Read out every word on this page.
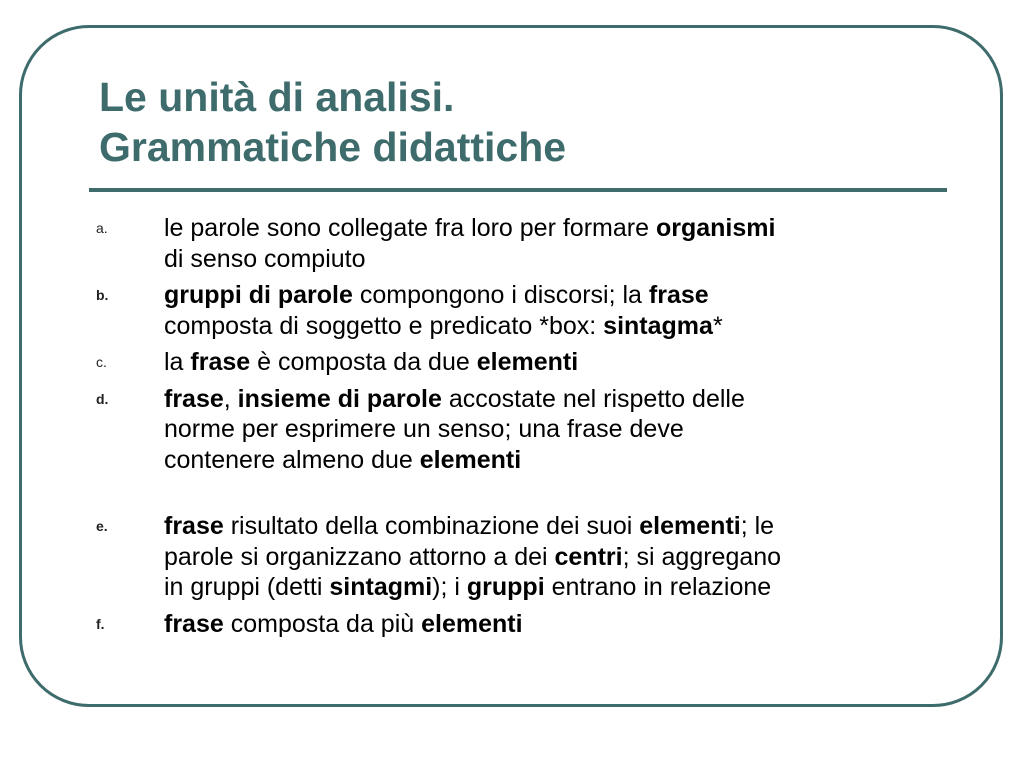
Le unità di analisi.
Grammatiche didattiche
a. le parole sono collegate fra loro per formare organismi
di senso compiuto
b. gruppi di parole compongono i discorsi; la frase
composta di soggetto e predicato *box: sintagma*
c. la frase è composta da due elementi
d. frase, insieme di parole accostate nel rispetto delle
norme per esprimere un senso; una frase deve
contenere almeno due elementi
e. frase risultato della combinazione dei suoi elementi; le
parole si organizzano attorno a dei centri; si aggregano
in gruppi (detti sintagmi); i gruppi entrano in relazione
f. frase composta da più elementi
